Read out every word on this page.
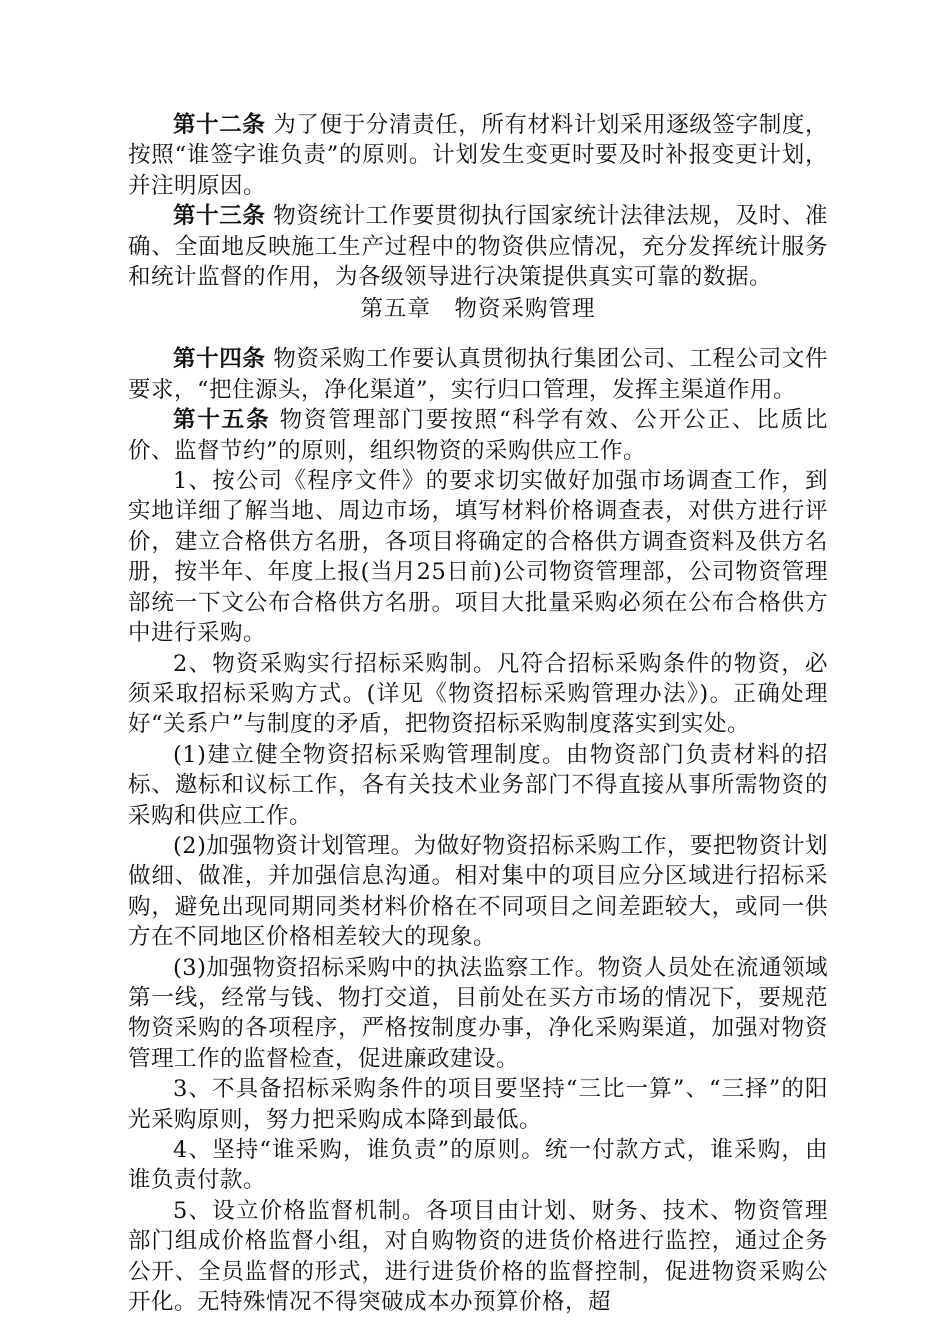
第十二条 为了便于分清责任，所有材料计划采用逐级签字制度，按照“谁签字谁负责”的原则。计划发生变更时要及时补报变更计划，并注明原因。

第十三条 物资统计工作要贯彻执行国家统计法律法规，及时、准确、全面地反映施工生产过程中的物资供应情况，充分发挥统计服务和统计监督的作用，为各级领导进行决策提供真实可靠的数据。

第五章　物资采购管理

第十四条 物资采购工作要认真贯彻执行集团公司、工程公司文件要求，“把住源头，净化渠道”，实行归口管理，发挥主渠道作用。

第十五条 物资管理部门要按照“科学有效、公开公正、比质比价、监督节约”的原则，组织物资的采购供应工作。

1、按公司《程序文件》的要求切实做好加强市场调查工作，到实地详细了解当地、周边市场，填写材料价格调查表，对供方进行评价，建立合格供方名册，各项目将确定的合格供方调查资料及供方名册，按半年、年度上报(当月25日前)公司物资管理部，公司物资管理部统一下文公布合格供方名册。项目大批量采购必须在公布合格供方中进行采购。

2、物资采购实行招标采购制。凡符合招标采购条件的物资，必须采取招标采购方式。(详见《物资招标采购管理办法》)。正确处理好“关系户”与制度的矛盾，把物资招标采购制度落实到实处。

(1)建立健全物资招标采购管理制度。由物资部门负责材料的招标、邀标和议标工作，各有关技术业务部门不得直接从事所需物资的采购和供应工作。

(2)加强物资计划管理。为做好物资招标采购工作，要把物资计划做细、做准，并加强信息沟通。相对集中的项目应分区域进行招标采购，避免出现同期同类材料价格在不同项目之间差距较大，或同一供方在不同地区价格相差较大的现象。

(3)加强物资招标采购中的执法监察工作。物资人员处在流通领域第一线，经常与钱、物打交道，目前处在买方市场的情况下，要规范物资采购的各项程序，严格按制度办事，净化采购渠道，加强对物资管理工作的监督检查，促进廉政建设。

3、不具备招标采购条件的项目要坚持“三比一算”、“三择”的阳光采购原则，努力把采购成本降到最低。

4、坚持“谁采购，谁负责”的原则。统一付款方式，谁采购，由谁负责付款。

5、设立价格监督机制。各项目由计划、财务、技术、物资管理部门组成价格监督小组，对自购物资的进货价格进行监控，通过企务公开、全员监督的形式，进行进货价格的监督控制，促进物资采购公开化。无特殊情况不得突破成本办预算价格，超
